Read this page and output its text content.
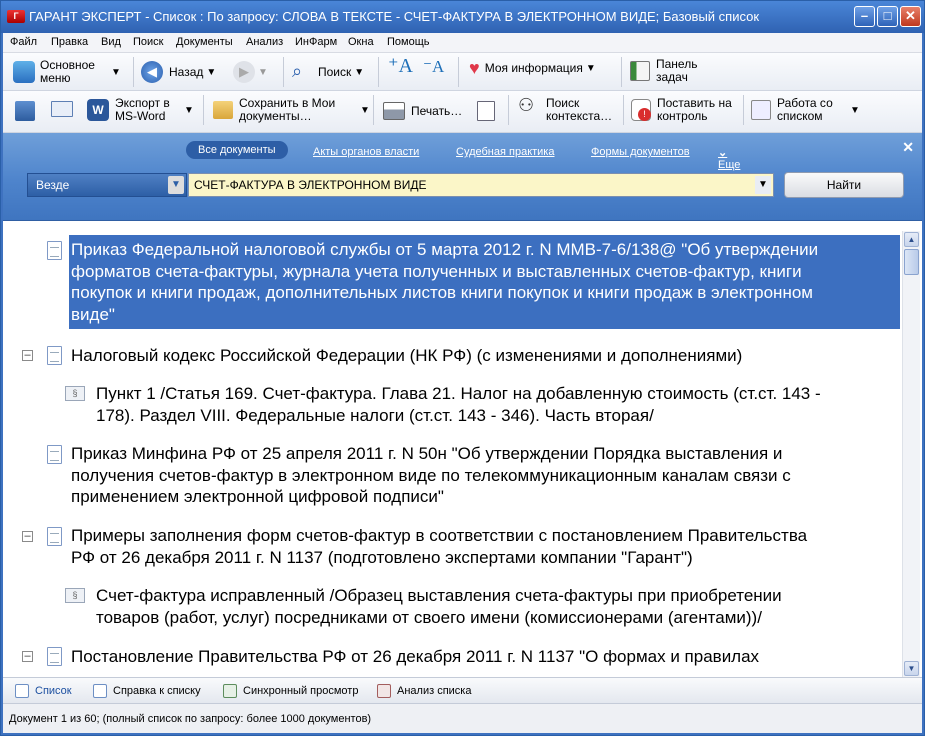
Г ГАРАНТ ЭКСПЕРТ - Список : По запросу: СЛОВА В ТЕКСТЕ - СЧЕТ-ФАКТУРА В ЭЛЕКТРОННОМ ВИДЕ; Базовый список	–	□	✕
Файл Правка Вид Поиск Документы Анализ ИнФарм Окна Помощь
Основное меню	▼	◀	Назад ▼	▶ ▼ ⌕	Поиск ▼ ⁺A ⁻A ♥ Моя информация ▼	Панель задач
W Экспорт в MS-Word	▼	Сохранить в Мои документы…	▼	Печать…	⚇ Поиск контекста…	!
Поставить на контроль
Работа со списком	▼
Все документы	Акты органов власти	Судебная практика	Формы документов
Еще
⌄	✕
Везде	▼	СЧЕТ-ФАКТУРА В ЭЛЕКТРОННОМ ВИДЕ	▼	Найти
Приказ Федеральной налоговой службы от 5 марта 2012 г. N ММВ-7-6/138@ "Об утверждении
форматов счета-фактуры, журнала учета полученных и выставленных счетов-фактур, книги
покупок и книги продаж, дополнительных листов книги покупок и книги продаж в электронном
виде"
– Налоговый кодекс Российской Федерации (НК РФ) (с изменениями и дополнениями)
§	Пункт 1 /Статья 169. Счет-фактура. Глава 21. Налог на добавленную стоимость (ст.ст. 143 -
178). Раздел VIII. Федеральные налоги (ст.ст. 143 - 346). Часть вторая/
Приказ Минфина РФ от 25 апреля 2011 г. N 50н "Об утверждении Порядка выставления и
получения счетов-фактур в электронном виде по телекоммуникационным каналам связи с
применением электронной цифровой подписи"
– Примеры заполнения форм счетов-фактур в соответствии с постановлением Правительства
РФ от 26 декабря 2011 г. N 1137 (подготовлено экспертами компании "Гарант")
§	Счет-фактура исправленный /Образец выставления счета-фактуры при приобретении
товаров (работ, услуг) посредниками от своего имени (комиссионерами (агентами))/
– Постановление Правительства РФ от 26 декабря 2011 г. N 1137 "О формах и правилах
▲
▼
Список	Справка к списку	Синхронный просмотр	Анализ списка
Документ 1 из 60; (полный список по запросу: более 1000 документов)
